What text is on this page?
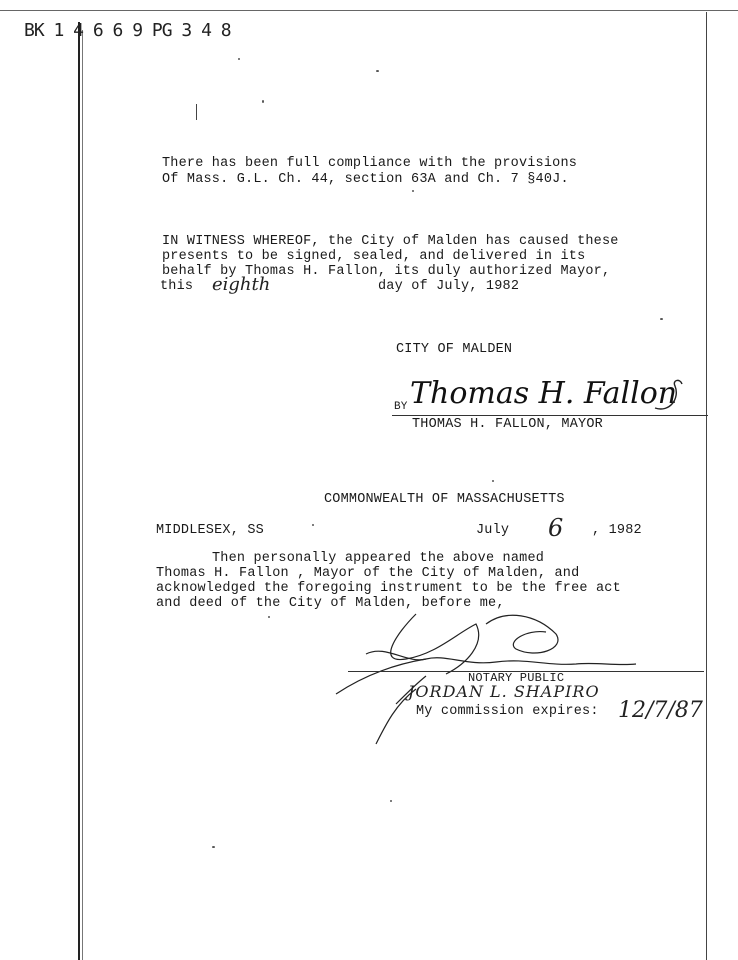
BK 1 4 6 6 9 PG 3 4 8
There has been full compliance with the provisions
Of Mass. G.L. Ch. 44, section 63A and Ch. 7 §40J.
IN WITNESS WHEREOF, the City of Malden has caused these
presents to be signed, sealed, and delivered in its
behalf by Thomas H. Fallon, its duly authorized Mayor,
this eighth	day of July, 1982
CITY OF MALDEN
BY Thomas H. Fallon
THOMAS H. FALLON, MAYOR
COMMONWEALTH OF MASSACHUSETTS
MIDDLESEX, SS	July 6 , 1982
Then personally appeared the above named
Thomas H. Fallon , Mayor of the City of Malden, and
acknowledged the foregoing instrument to be the free act
and deed of the City of Malden, before me,
NOTARY PUBLIC
JORDAN L. SHAPIRO
My commission expires: 12/7/87
